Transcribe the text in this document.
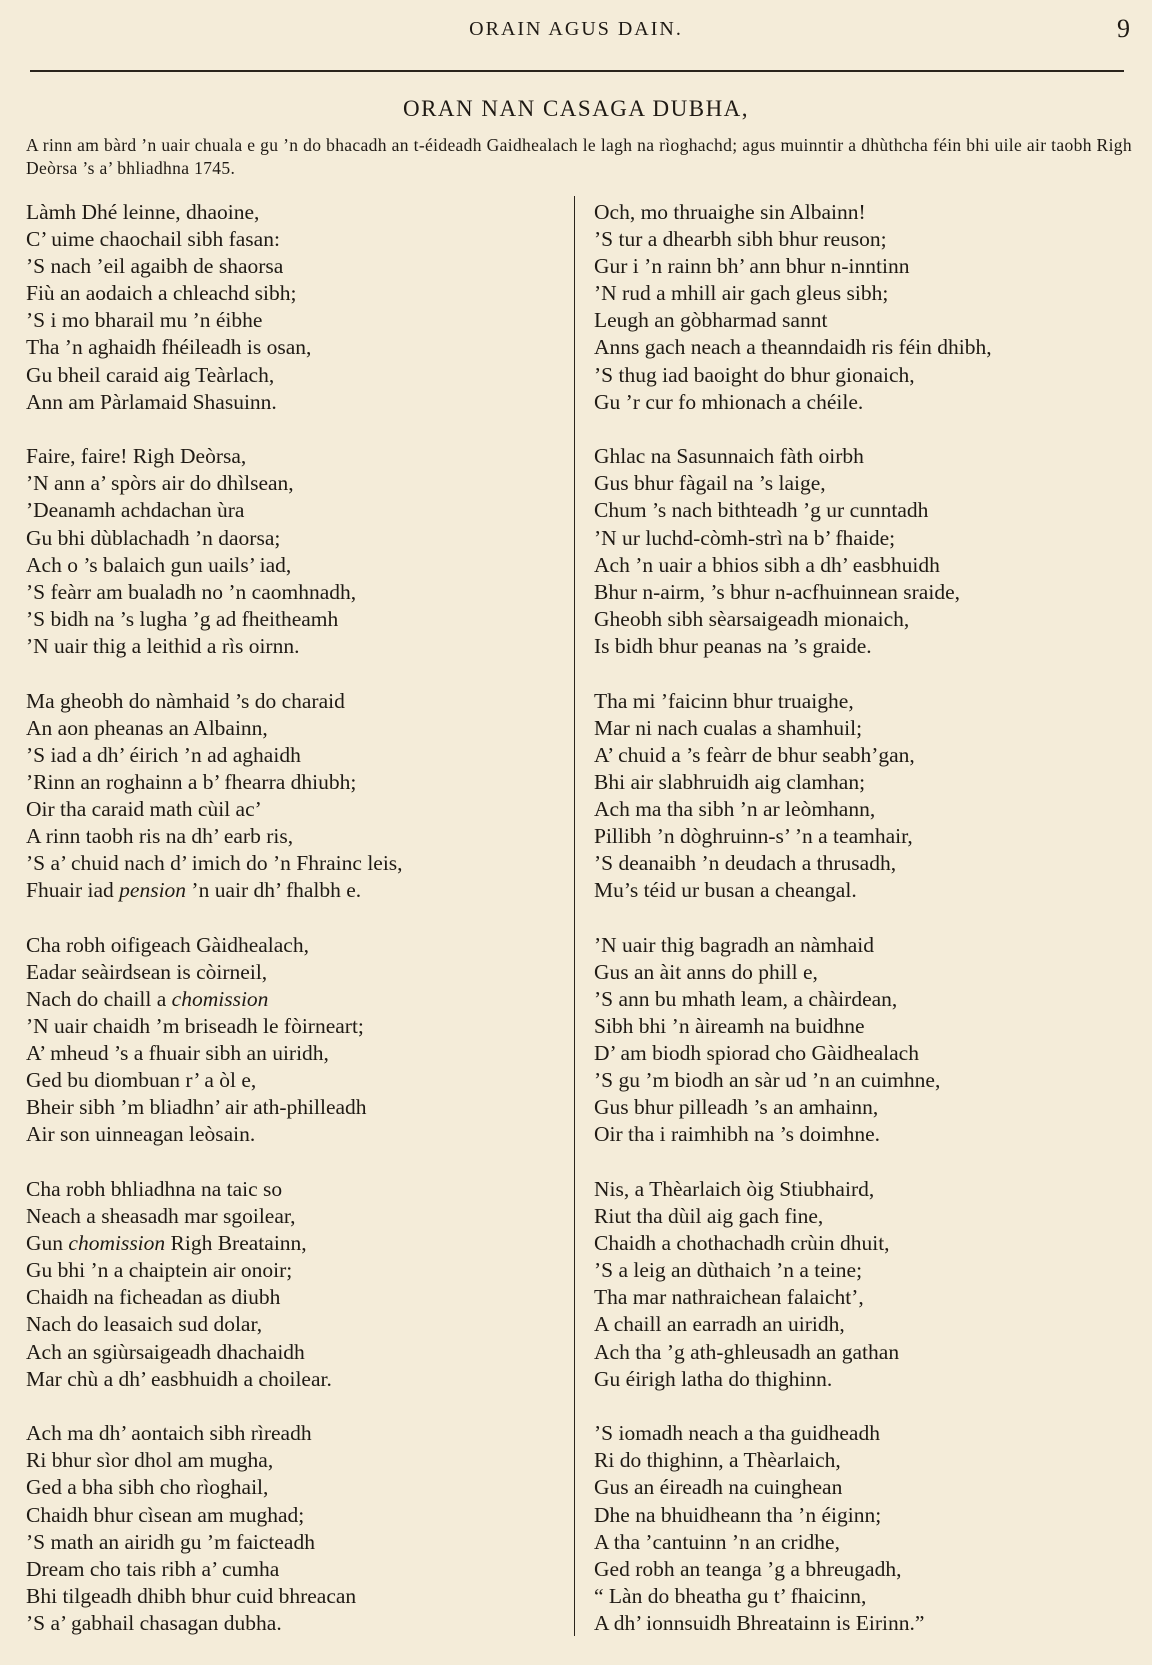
ORAIN AGUS DAIN.	9
ORAN NAN CASAGA DUBHA,
A rinn am bàrd ’n uair chuala e gu ’n do bhacadh an t-éideadh Gaidhealach le lagh na rìoghachd; agus muinntir a dhùthcha féin bhi uile air taobh Righ Deòrsa ’s a’ bhliadhna 1745.
Làmh Dhé leinne, dhaoine,
C’ uime chaochail sibh fasan:
’S nach ’eil agaibh de shaorsa
Fiù an aodaich a chleachd sibh;
’S i mo bharail mu ’n éibhe
Tha ’n aghaidh fhéileadh is osan,
Gu bheil caraid aig Teàrlach,
Ann am Pàrlamaid Shasuinn.
Faire, faire! Righ Deòrsa,
’N ann a’ spòrs air do dhìlsean,
’Deanamh achdachan ùra
Gu bhi dùblachadh ’n daorsa;
Ach o ’s balaich gun uails’ iad,
’S feàrr am bualadh no ’n caomhnadh,
’S bidh na ’s lugha ’g ad fheitheamh
’N uair thig a leithid a rìs oirnn.
Ma gheobh do nàmhaid ’s do charaid
An aon pheanas an Albainn,
’S iad a dh’ éirich ’n ad aghaidh
’Rinn an roghainn a b’ fhearra dhiubh;
Oir tha caraid math cùil ac’
A rinn taobh ris na dh’ earb ris,
’S a’ chuid nach d’ imich do ’n Fhrainc leis,
Fhuair iad pension ’n uair dh’ fhalbh e.
Cha robh oifigeach Gàidhealach,
Eadar seàirdsean is còirneil,
Nach do chaill a chomission
’N uair chaidh ’m briseadh le fòirneart;
A’ mheud ’s a fhuair sibh an uiridh,
Ged bu diombuan r’ a òl e,
Bheir sibh ’m bliadhn’ air ath-philleadh
Air son uinneagan leòsain.
Cha robh bhliadhna na taic so
Neach a sheasadh mar sgoilear,
Gun chomission Righ Breatainn,
Gu bhi ’n a chaiptein air onoir;
Chaidh na ficheadan as diubh
Nach do leasaich sud dolar,
Ach an sgiùrsaigeadh dhachaidh
Mar chù a dh’ easbhuidh a choilear.
Ach ma dh’ aontaich sibh rìreadh
Ri bhur sìor dhol am mugha,
Ged a bha sibh cho rìoghail,
Chaidh bhur cìsean am mughad;
’S math an airidh gu ’m faicteadh
Dream cho tais ribh a’ cumha
Bhi tilgeadh dhibh bhur cuid bhreacan
’S a’ gabhail chasagan dubha.
Och, mo thruaighe sin Albainn!
’S tur a dhearbh sibh bhur reuson;
Gur i ’n rainn bh’ ann bhur n-inntinn
’N rud a mhill air gach gleus sibh;
Leugh an gòbharmad sannt
Anns gach neach a theanndaidh ris féin dhibh,
’S thug iad baoight do bhur gionaich,
Gu ’r cur fo mhionach a chéile.
Ghlac na Sasunnaich fàth oirbh
Gus bhur fàgail na ’s laige,
Chum ’s nach bithteadh ’g ur cunntadh
’N ur luchd-còmh-strì na b’ fhaide;
Ach ’n uair a bhios sibh a dh’ easbhuidh
Bhur n-airm, ’s bhur n-acfhuinnean sraide,
Gheobh sibh sèarsaigeadh mionaich,
Is bidh bhur peanas na ’s graide.
Tha mi ’faicinn bhur truaighe,
Mar ni nach cualas a shamhuil;
A’ chuid a ’s feàrr de bhur seabh’gan,
Bhi air slabhruidh aig clamhan;
Ach ma tha sibh ’n ar leòmhann,
Pillibh ’n dòghruinn-s’ ’n a teamhair,
’S deanaibh ’n deudach a thrusadh,
Mu’s téid ur busan a cheangal.
’N uair thig bagradh an nàmhaid
Gus an àit anns do phill e,
’S ann bu mhath leam, a chàirdean,
Sibh bhi ’n àireamh na buidhne
D’ am biodh spiorad cho Gàidhealach
’S gu ’m biodh an sàr ud ’n an cuimhne,
Gus bhur pilleadh ’s an amhainn,
Oir tha i raimhibh na ’s doimhne.
Nis, a Thèarlaich òig Stiubhaird,
Riut tha dùil aig gach fine,
Chaidh a chothachadh crùin dhuit,
’S a leig an dùthaich ’n a teine;
Tha mar nathraichean falaicht’,
A chaill an earradh an uiridh,
Ach tha ’g ath-ghleusadh an gathan
Gu éirigh latha do thighinn.
’S iomadh neach a tha guidheadh
Ri do thighinn, a Thèarlaich,
Gus an éireadh na cuinghean
Dhe na bhuidheann tha ’n éiginn;
A tha ’cantuinn ’n an cridhe,
Ged robh an teanga ’g a bhreugadh,
“ Làn do bheatha gu t’ fhaicinn,
A dh’ ionnsuidh Bhreatainn is Eirinn.”
